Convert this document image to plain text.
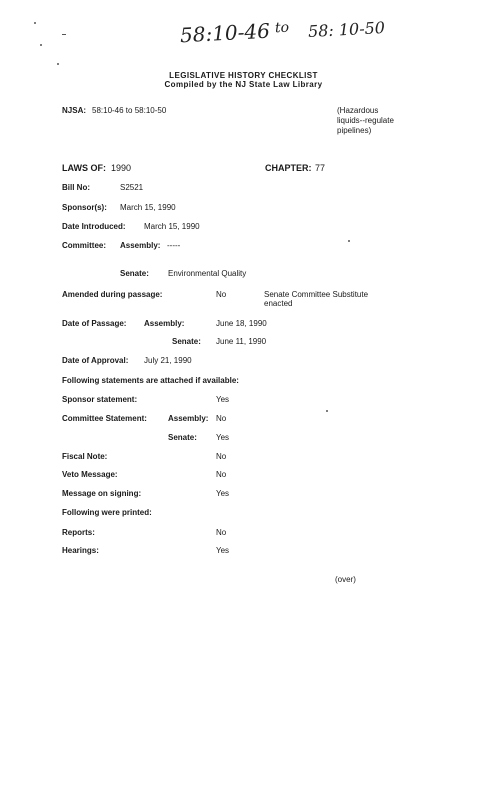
58:10-46 to 58: 10-50
LEGISLATIVE HISTORY CHECKLIST
Compiled by the NJ State Law Library
NJSA: 58:10-46 to 58:10-50	(Hazardous
liquids--regulate
pipelines)
LAWS OF: 1990	CHAPTER: 77
Bill No:	S2521
Sponsor(s): March 15, 1990
Date Introduced: March 15, 1990
Committee: Assembly: -----
Senate: Environmental Quality
Amended during passage:	No	Senate Committee Substitute
enacted
Date of Passage: Assembly:	June 18, 1990
Senate: June 11, 1990
Date of Approval: July 21, 1990
Following statements are attached if available:
Sponsor statement:	Yes
Committee Statement:	Assembly: No
Senate: Yes
Fiscal Note:	No
Veto Message:	No
Message on signing:	Yes
Following were printed:
Reports:	No
Hearings:	Yes
(over)
